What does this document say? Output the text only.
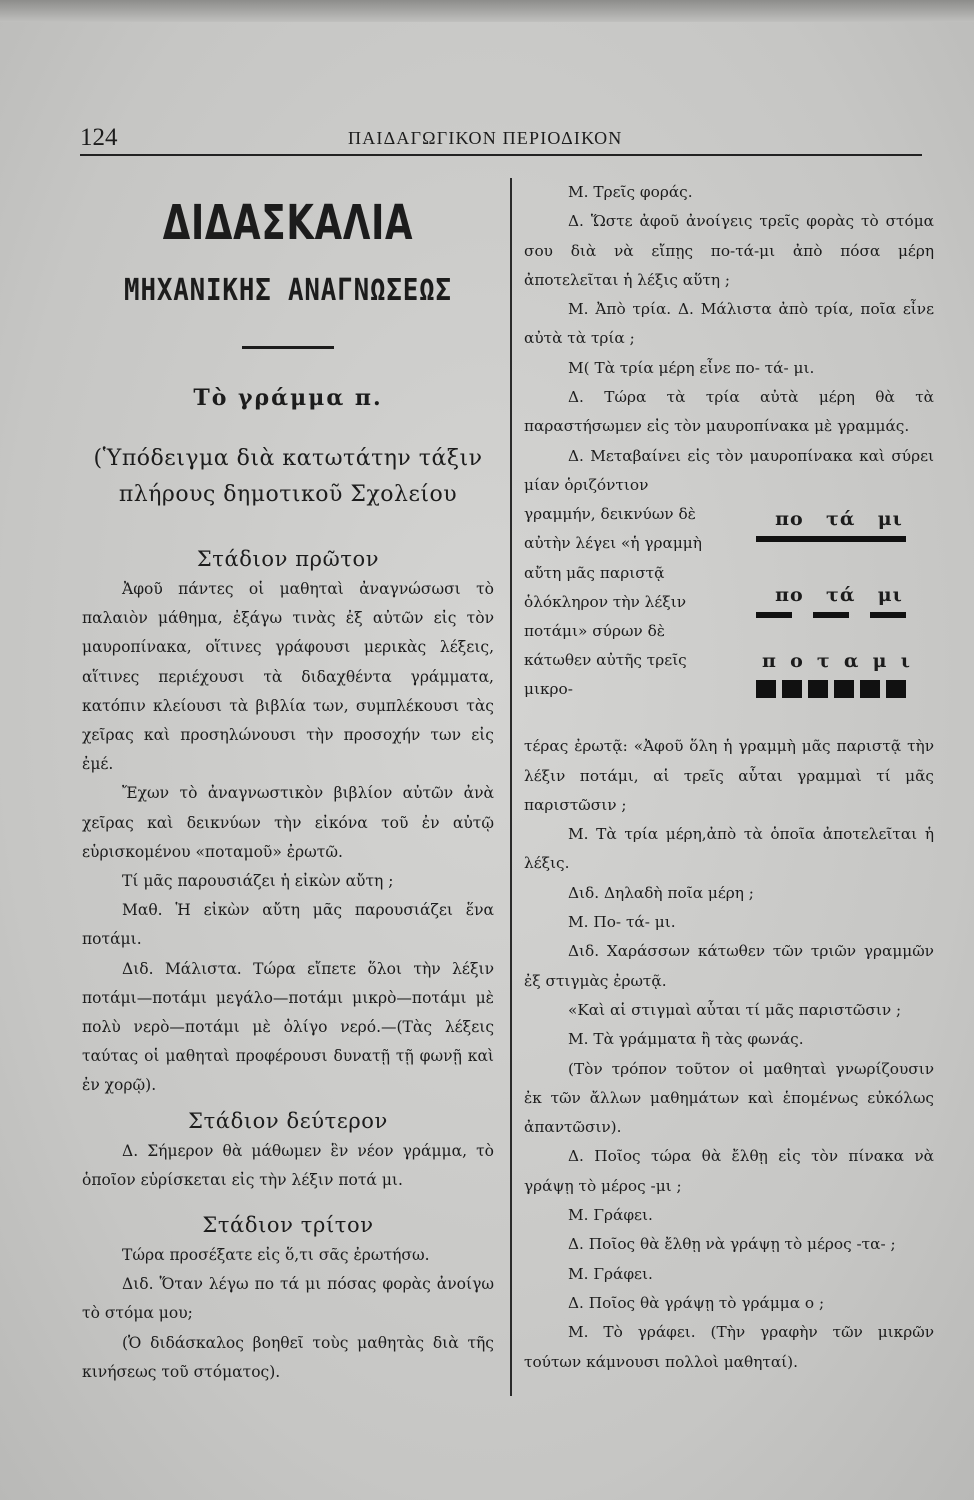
124	ΠΑΙΔΑΓΩΓΙΚΟΝ ΠΕΡΙΟΔΙΚΟΝ
ΔΙΔΑΣΚΑΛΙΑ
ΜΗΧΑΝΙΚΗΣ ΑΝΑΓΝΩΣΕΩΣ
Τὸ γράμμα π.
(Ὑπόδειγμα διὰ κατωτάτην τάξιν πλήρους δημοτικοῦ Σχολείου
Στάδιον πρῶτον

Ἀφοῦ πάντες οἱ μαθηταὶ ἀναγνώσωσι τὸ παλαιὸν μάθημα, ἐξάγω τινὰς ἐξ αὐτῶν εἰς τὸν μαυροπίνακα, οἵτινες γράφουσι μερικὰς λέξεις, αἵτινες περιέχουσι τὰ διδαχθέντα γράμματα, κατόπιν κλείουσι τὰ βιβλία των, συμπλέκουσι τὰς χεῖρας καὶ προσηλώνουσι τὴν προσοχήν των εἰς ἐμέ.

Ἔχων τὸ ἀναγνωστικὸν βιβλίον αὐτῶν ἀνὰ χεῖρας καὶ δεικνύων τὴν εἰκόνα τοῦ ἐν αὐτῷ εὑρισκομένου «ποταμοῦ» ἐρωτῶ.

Τί μᾶς παρουσιάζει ἡ εἰκὼν αὔτη ;

Μαθ. Ἡ εἰκὼν αὔτη μᾶς παρουσιάζει ἕνα ποτάμι.

Διδ. Μάλιστα. Τώρα εἴπετε ὅλοι τὴν λέξιν ποτάμι—ποτάμι μεγάλο—ποτάμι μικρὸ—ποτάμι μὲ πολὺ νερὸ—ποτάμι μὲ ὀλίγο νερό.—(Τὰς λέξεις ταύτας οἱ μαθηταὶ προφέρουσι δυνατῇ τῇ φωνῇ καὶ ἐν χορῷ).

Στάδιον δεύτερον

Δ. Σήμερον θὰ μάθωμεν ἓν νέον γράμμα, τὸ ὁποῖον εὑρίσκεται εἰς τὴν λέξιν ποτά μι.

Στάδιον τρίτον

Τώρα προσέξατε εἰς ὅ,τι σᾶς ἐρωτήσω.

Διδ. Ὅταν λέγω πο τά μι πόσας φορὰς ἀνοίγω τὸ στόμα μου;

(Ὁ διδάσκαλος βοηθεῖ τοὺς μαθητὰς διὰ τῆς κινήσεως τοῦ στόματος).

Μ. Τρεῖς φοράς.

Δ. Ὥστε ἀφοῦ ἀνοίγεις τρεῖς φορὰς τὸ στόμα σου διὰ νὰ εἴπῃς πο-τά-μι ἀπὸ πόσα μέρη ἀποτελεῖται ἡ λέξις αὕτη ;

Μ. Ἀπὸ τρία. Δ. Μάλιστα ἀπὸ τρία, ποῖα εἶνε αὐτὰ τὰ τρία ;

Μ( Τὰ τρία μέρη εἶνε πο- τά- μι.

Δ. Τώρα τὰ τρία αὐτὰ μέρη θὰ τὰ παραστήσωμεν εἰς τὸν μαυροπίνακα μὲ γραμμάς.

Δ. Μεταβαίνει εἰς τὸν μαυροπίνακα καὶ σύρει μίαν ὁριζόντιον

γραμμήν, δεικνύων δὲ αὐτὴν λέγει «ἡ γραμμὴ αὔτη μᾶς παριστᾷ ὁλόκληρον τὴν λέξιν ποτάμι» σύρων δὲ κάτωθεν αὐτῆς τρεῖς μικρο-
πο τά μι
πο τά μι
π ο τ α μ ι

τέρας ἐρωτᾷ: «Ἀφοῦ ὅλη ἡ γραμμὴ μᾶς παριστᾷ τὴν λέξιν ποτάμι, αἱ τρεῖς αὗται γραμμαὶ τί μᾶς παριστῶσιν ;

Μ. Τὰ τρία μέρη,ἀπὸ τὰ ὁποῖα ἀποτελεῖται ἡ λέξις.

Διδ. Δηλαδὴ ποῖα μέρη ;

Μ. Πο- τά- μι.

Διδ. Χαράσσων κάτωθεν τῶν τριῶν γραμμῶν ἐξ στιγμὰς ἐρωτᾷ.

«Καὶ αἱ στιγμαὶ αὗται τί μᾶς παριστῶσιν ;

Μ. Τὰ γράμματα ἢ τὰς φωνάς.

(Τὸν τρόπον τοῦτον οἱ μαθηταὶ γνωρίζουσιν ἐκ τῶν ἄλλων μαθημάτων καὶ ἑπομένως εὐκόλως ἀπαντῶσιν).

Δ. Ποῖος τώρα θὰ ἔλθῃ εἰς τὸν πίνακα νὰ γράψῃ τὸ μέρος -μι ;

Μ. Γράφει.

Δ. Ποῖος θὰ ἔλθῃ νὰ γράψῃ τὸ μέρος -τα- ;

Μ. Γράφει.

Δ. Ποῖος θὰ γράψῃ τὸ γράμμα ο ;

Μ. Τὸ γράφει. (Τὴν γραφὴν τῶν μικρῶν τούτων κάμνουσι πολλοὶ μαθηταί).
